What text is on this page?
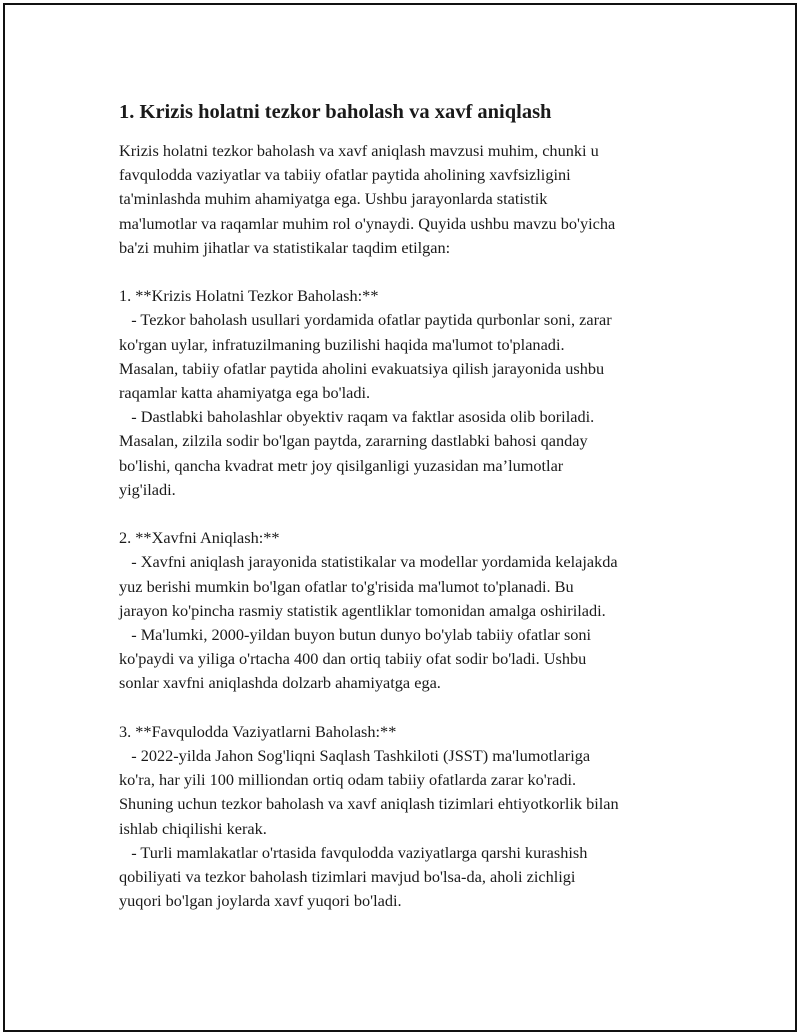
1. Krizis holatni tezkor baholash va xavf aniqlash

Krizis holatni tezkor baholash va xavf aniqlash mavzusi muhim, chunki u

favqulodda vaziyatlar va tabiiy ofatlar paytida aholining xavfsizligini

ta'minlashda muhim ahamiyatga ega. Ushbu jarayonlarda statistik

ma'lumotlar va raqamlar muhim rol o'ynaydi. Quyida ushbu mavzu bo'yicha

ba'zi muhim jihatlar va statistikalar taqdim etilgan:

1. **Krizis Holatni Tezkor Baholash:**

- Tezkor baholash usullari yordamida ofatlar paytida qurbonlar soni, zarar

ko'rgan uylar, infratuzilmaning buzilishi haqida ma'lumot to'planadi.

Masalan, tabiiy ofatlar paytida aholini evakuatsiya qilish jarayonida ushbu

raqamlar katta ahamiyatga ega bo'ladi.

- Dastlabki baholashlar obyektiv raqam va faktlar asosida olib boriladi.

Masalan, zilzila sodir bo'lgan paytda, zararning dastlabki bahosi qanday

bo'lishi, qancha kvadrat metr joy qisilganligi yuzasidan ma’lumotlar

yig'iladi.

2. **Xavfni Aniqlash:**

- Xavfni aniqlash jarayonida statistikalar va modellar yordamida kelajakda

yuz berishi mumkin bo'lgan ofatlar to'g'risida ma'lumot to'planadi. Bu

jarayon ko'pincha rasmiy statistik agentliklar tomonidan amalga oshiriladi.

- Ma'lumki, 2000-yildan buyon butun dunyo bo'ylab tabiiy ofatlar soni

ko'paydi va yiliga o'rtacha 400 dan ortiq tabiiy ofat sodir bo'ladi. Ushbu

sonlar xavfni aniqlashda dolzarb ahamiyatga ega.

3. **Favqulodda Vaziyatlarni Baholash:**

- 2022-yilda Jahon Sog'liqni Saqlash Tashkiloti (JSST) ma'lumotlariga

ko'ra, har yili 100 milliondan ortiq odam tabiiy ofatlarda zarar ko'radi.

Shuning uchun tezkor baholash va xavf aniqlash tizimlari ehtiyotkorlik bilan

ishlab chiqilishi kerak.

- Turli mamlakatlar o'rtasida favqulodda vaziyatlarga qarshi kurashish

qobiliyati va tezkor baholash tizimlari mavjud bo'lsa-da, aholi zichligi

yuqori bo'lgan joylarda xavf yuqori bo'ladi.
